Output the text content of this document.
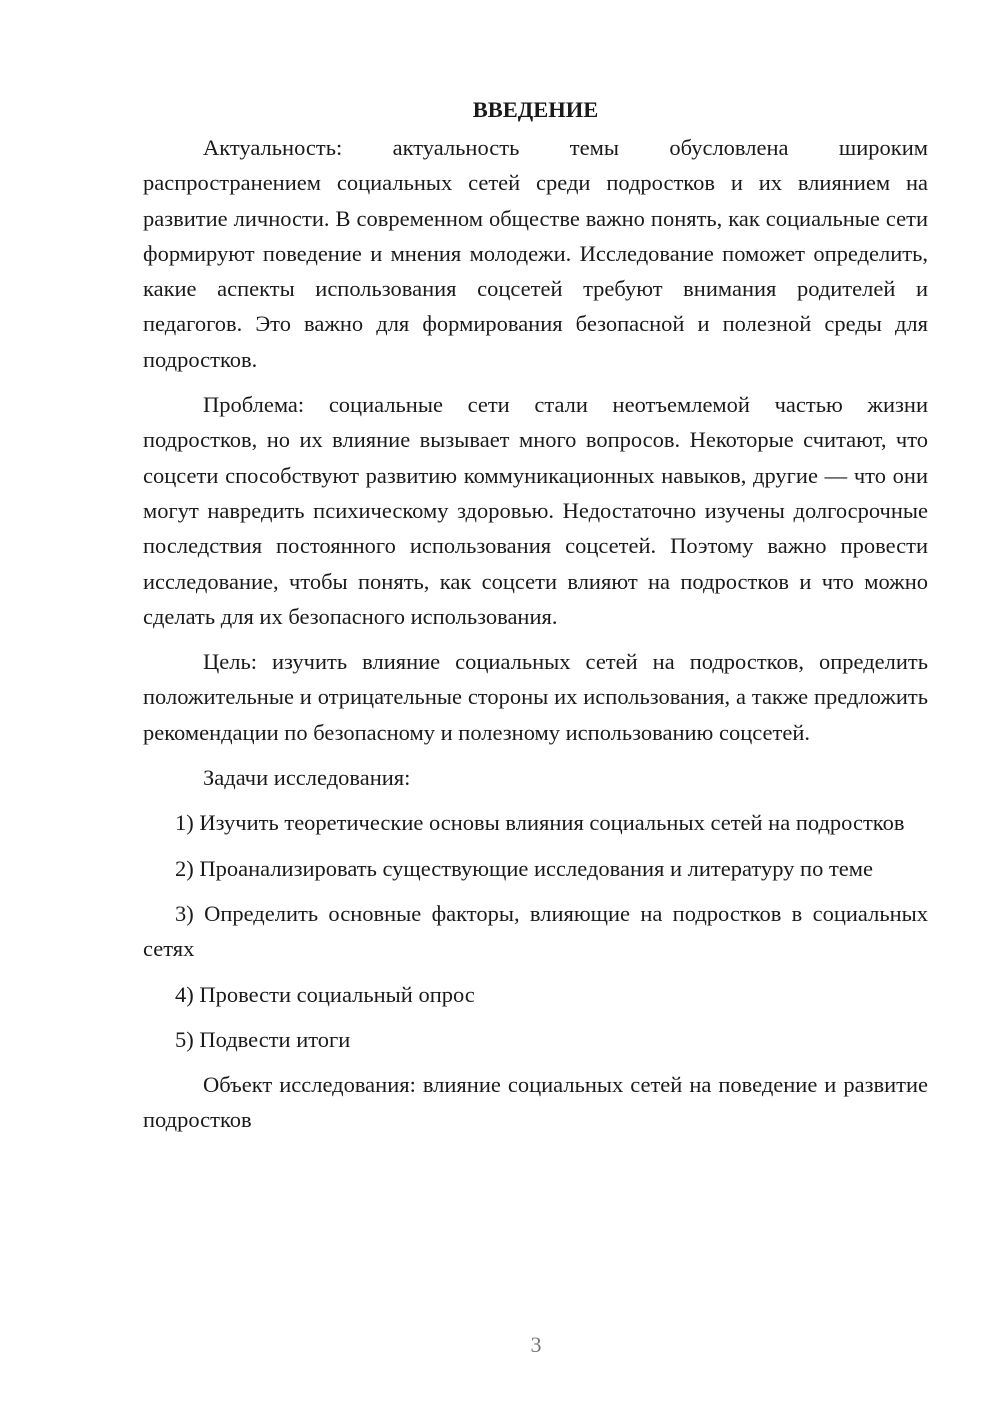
ВВЕДЕНИЕ

Актуальность: актуальность темы обусловлена широким распространением социальных сетей среди подростков и их влиянием на развитие личности. В современном обществе важно понять, как социальные сети формируют поведение и мнения молодежи. Исследование поможет определить, какие аспекты использования соцсетей требуют внимания родителей и педагогов. Это важно для формирования безопасной и полезной среды для подростков.

Проблема: социальные сети стали неотъемлемой частью жизни подростков, но их влияние вызывает много вопросов. Некоторые считают, что соцсети способствуют развитию коммуникационных навыков, другие — что они могут навредить психическому здоровью. Недостаточно изучены долгосрочные последствия постоянного использования соцсетей. Поэтому важно провести исследование, чтобы понять, как соцсети влияют на подростков и что можно сделать для их безопасного использования.

Цель: изучить влияние социальных сетей на подростков, определить положительные и отрицательные стороны их использования, а также предложить рекомендации по безопасному и полезному использованию соцсетей.

Задачи исследования:

1) Изучить теоретические основы влияния социальных сетей на подростков
2) Проанализировать существующие исследования и литературу по теме
3) Определить основные факторы, влияющие на подростков в социальных сетях
4) Провести социальный опрос
5) Подвести итоги

Объект исследования: влияние социальных сетей на поведение и развитие подростков

3
